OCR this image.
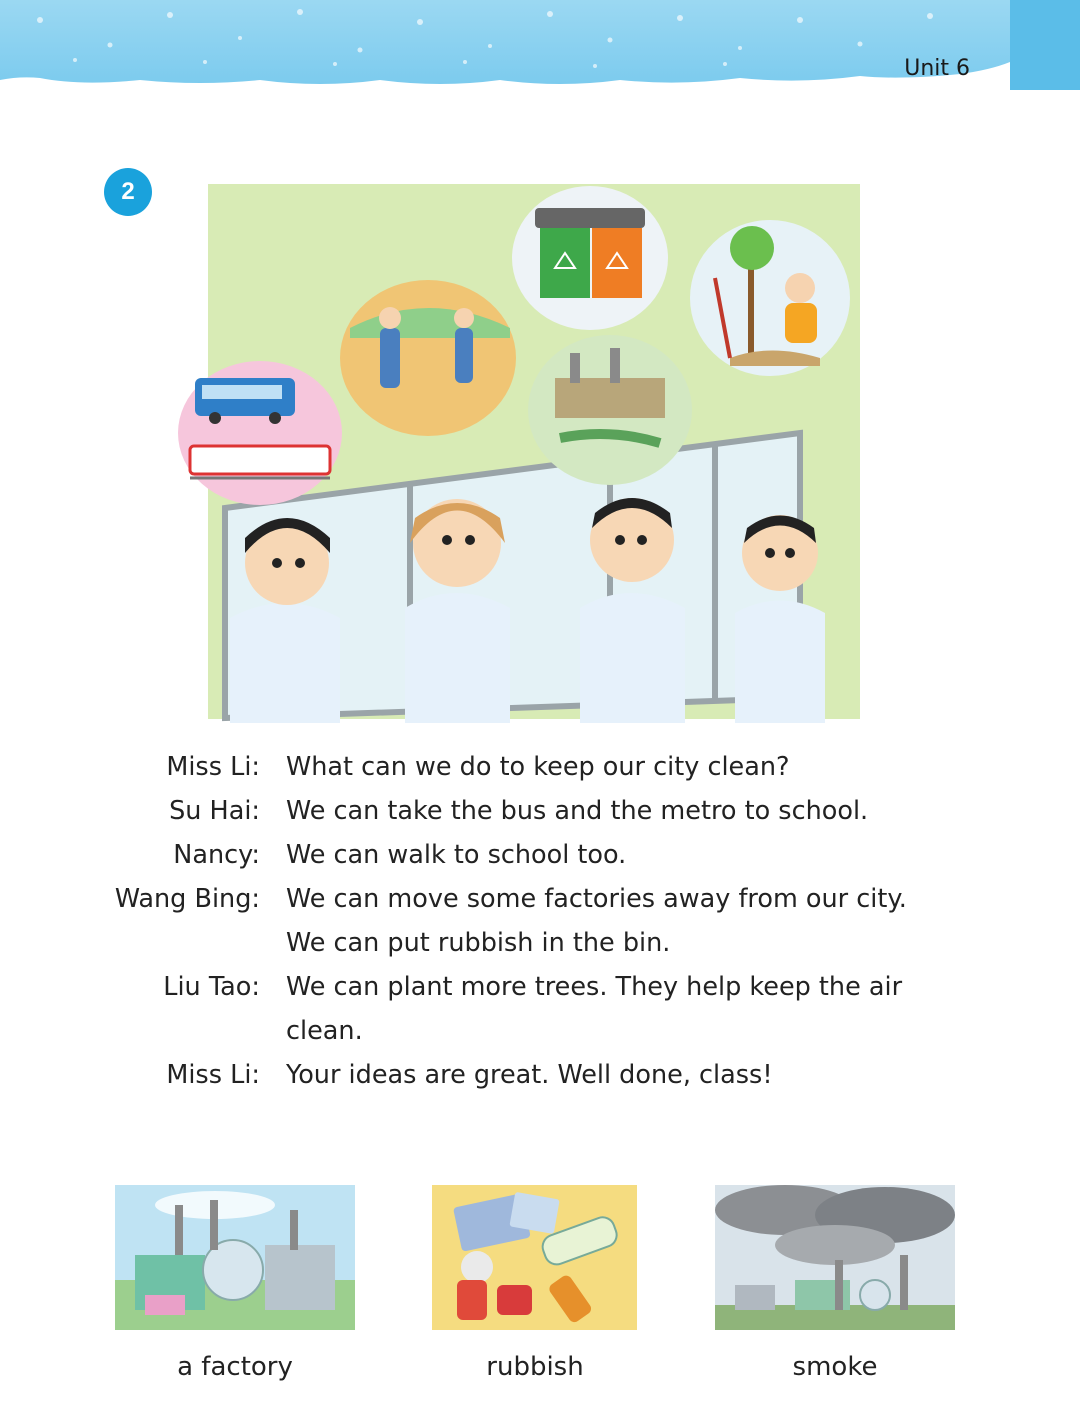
Unit 6
2
Miss Li: What can we do to keep our city clean?
Su Hai: We can take the bus and the metro to school.
Nancy: We can walk to school too.
Wang Bing: We can move some factories away from our city.
We can put rubbish in the bin.
Liu Tao: We can plant more trees. They help keep the air
clean.
Miss Li: Your ideas are great. Well done, class!
a factory	rubbish	smoke
